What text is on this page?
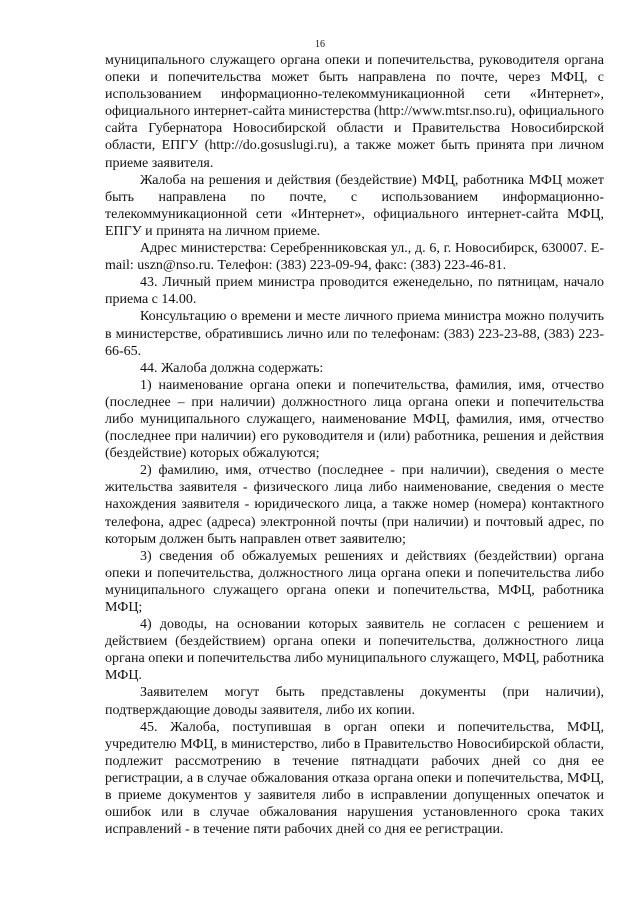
16

муниципального служащего органа опеки и попечительства, руководителя органа опеки и попечительства может быть направлена по почте, через МФЦ, с использованием информационно-телекоммуникационной сети «Интернет», официального интернет-сайта министерства (http://www.mtsr.nso.ru), официального сайта Губернатора Новосибирской области и Правительства Новосибирской области, ЕПГУ (http://do.gosuslugi.ru), а также может быть принята при личном приеме заявителя.

Жалоба на решения и действия (бездействие) МФЦ, работника МФЦ может быть направлена по почте, с использованием информационно-телекоммуникационной сети «Интернет», официального интернет-сайта МФЦ, ЕПГУ и принята на личном приеме.

Адрес министерства: Серебренниковская ул., д. 6, г. Новосибирск, 630007. E-mail: uszn@nso.ru. Телефон: (383) 223-09-94, факс: (383) 223-46-81.

43. Личный прием министра проводится еженедельно, по пятницам, начало приема с 14.00.

Консультацию о времени и месте личного приема министра можно получить в министерстве, обратившись лично или по телефонам: (383) 223-23-88, (383) 223-66-65.

44. Жалоба должна содержать:

1) наименование органа опеки и попечительства, фамилия, имя, отчество (последнее – при наличии) должностного лица органа опеки и попечительства либо муниципального служащего, наименование МФЦ, фамилия, имя, отчество (последнее при наличии) его руководителя и (или) работника, решения и действия (бездействие) которых обжалуются;

2) фамилию, имя, отчество (последнее - при наличии), сведения о месте жительства заявителя - физического лица либо наименование, сведения о месте нахождения заявителя - юридического лица, а также номер (номера) контактного телефона, адрес (адреса) электронной почты (при наличии) и почтовый адрес, по которым должен быть направлен ответ заявителю;

3) сведения об обжалуемых решениях и действиях (бездействии) органа опеки и попечительства, должностного лица органа опеки и попечительства либо муниципального служащего органа опеки и попечительства, МФЦ, работника МФЦ;

4) доводы, на основании которых заявитель не согласен с решением и действием (бездействием) органа опеки и попечительства, должностного лица органа опеки и попечительства либо муниципального служащего, МФЦ, работника МФЦ.

Заявителем могут быть представлены документы (при наличии), подтверждающие доводы заявителя, либо их копии.

45. Жалоба, поступившая в орган опеки и попечительства, МФЦ, учредителю МФЦ, в министерство, либо в Правительство Новосибирской области, подлежит рассмотрению в течение пятнадцати рабочих дней со дня ее регистрации, а в случае обжалования отказа органа опеки и попечительства, МФЦ, в приеме документов у заявителя либо в исправлении допущенных опечаток и ошибок или в случае обжалования нарушения установленного срока таких исправлений - в течение пяти рабочих дней со дня ее регистрации.
